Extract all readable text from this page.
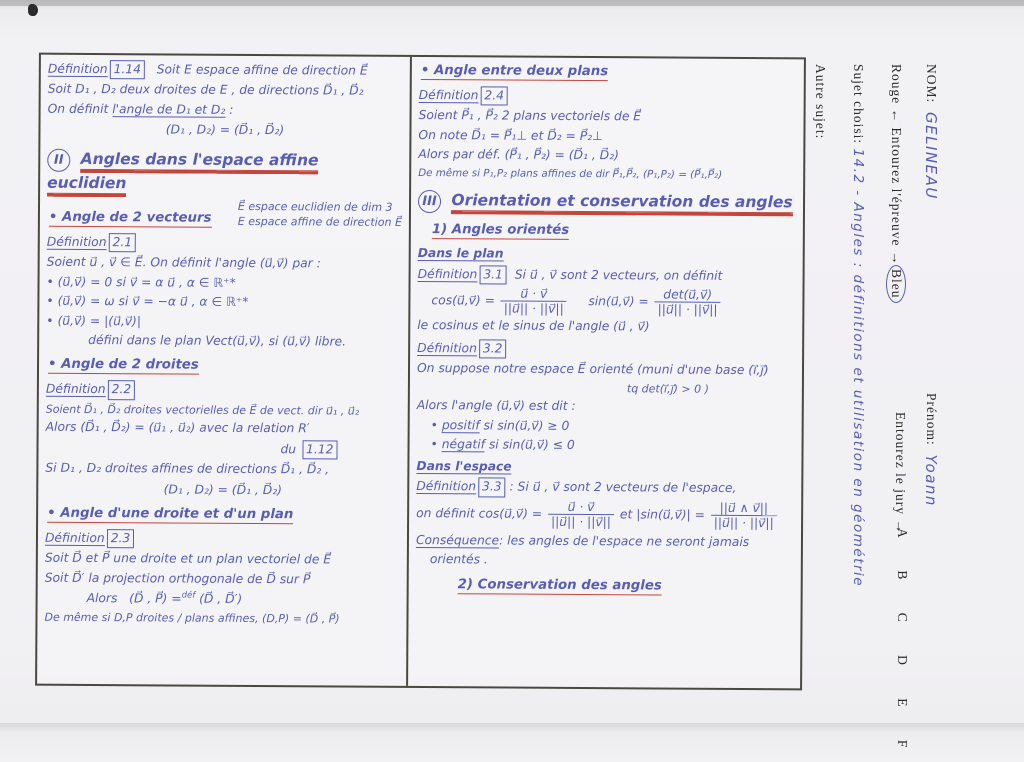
Définition 1.14 Soit E espace affine de direction E⃗
Soit D₁ , D₂ deux droites de E , de directions D⃗₁ , D⃗₂
On définit l'angle de D₁ et D₂ :
(D₁ , D₂) = (D⃗₁ , D⃗₂)
II Angles dans l'espace affine euclidien
• Angle de 2 vecteurs
E⃗ espace euclidien de dim 3
E espace affine de direction E⃗
Définition 2.1
Soient u⃗ , v⃗ ∈ E⃗. On définit l'angle (u⃗,v⃗) par :
• (u⃗,v⃗) = 0 si v⃗ = α u⃗ , α ∈ ℝ⁺*
• (u⃗,v⃗) = ω si v⃗ = −α u⃗ , α ∈ ℝ⁺*
• (u⃗,v⃗) = |(u⃗,v⃗)|
défini dans le plan Vect(u⃗,v⃗), si (u⃗,v⃗) libre.
• Angle de 2 droites
Définition 2.2
Soient D⃗₁ , D⃗₂ droites vectorielles de E⃗ de vect. dir u⃗₁ , u⃗₂
Alors (D⃗₁ , D⃗₂) = (u⃗₁ , u⃗₂) avec la relation R′
du 1.12
Si D₁ , D₂ droites affines de directions D⃗₁ , D⃗₂ ,
(D₁ , D₂) = (D⃗₁ , D⃗₂)
• Angle d'une droite et d'un plan
Définition 2.3
Soit D⃗ et P⃗ une droite et un plan vectoriel de E⃗
Soit D⃗′ la projection orthogonale de D⃗ sur P⃗
Alors (D⃗ , P⃗) =$^{déf}$ (D⃗ , D⃗′)
De même si D,P droites / plans affines, (D,P) = (D⃗ , P⃗)
• Angle entre deux plans
Définition 2.4
Soient P⃗₁ , P⃗₂ 2 plans vectoriels de E⃗
On note D⃗₁ = P⃗₁⊥ et D⃗₂ = P⃗₂⊥
Alors par déf. (P⃗₁ , P⃗₂) = (D⃗₁ , D⃗₂)
De même si P₁,P₂ plans affines de dir P⃗₁,P⃗₂, (P₁,P₂) = (P⃗₁,P⃗₂)
III Orientation et conservation des angles
1) Angles orientés
Dans le plan
Définition 3.1 Si u⃗ , v⃗ sont 2 vecteurs, on définit
cos(u⃗,v⃗) = $\frac{u⃗ \cdot v⃗}{||u⃗|| \cdot ||v⃗||}$ sin(u⃗,v⃗) = $\frac{\det(u⃗,v⃗)}{||u⃗|| \cdot ||v⃗||}$
le cosinus et le sinus de l'angle (u⃗ , v⃗)
Définition 3.2
On suppose notre espace E⃗ orienté (muni d'une base (i⃗,j⃗)
tq det(i⃗,j⃗) > 0 )
Alors l'angle (u⃗,v⃗) est dit :
• positif si sin(u⃗,v⃗) ≥ 0
• négatif si sin(u⃗,v⃗) ≤ 0
Dans l'espace
Définition 3.3 : Si u⃗ , v⃗ sont 2 vecteurs de l'espace,
on définit cos(u⃗,v⃗) = $\frac{u⃗ \cdot v⃗}{||u⃗|| \cdot ||v⃗||}$ et |sin(u⃗,v⃗)| = $\frac{||u⃗ \wedge v⃗||}{||u⃗|| \cdot ||v⃗||}$
Conséquence: les angles de l'espace ne seront jamais
orientés .
2) Conservation des angles
NOM:  GELINEAU
Prénom:  Yoann
Rouge ← Entourez l'épreuve →Bleu
Entourez le jury →
A B C D E F
Sujet choisi: 14.2 - Angles : définitions et utilisation en géométrie
Autre sujet:
